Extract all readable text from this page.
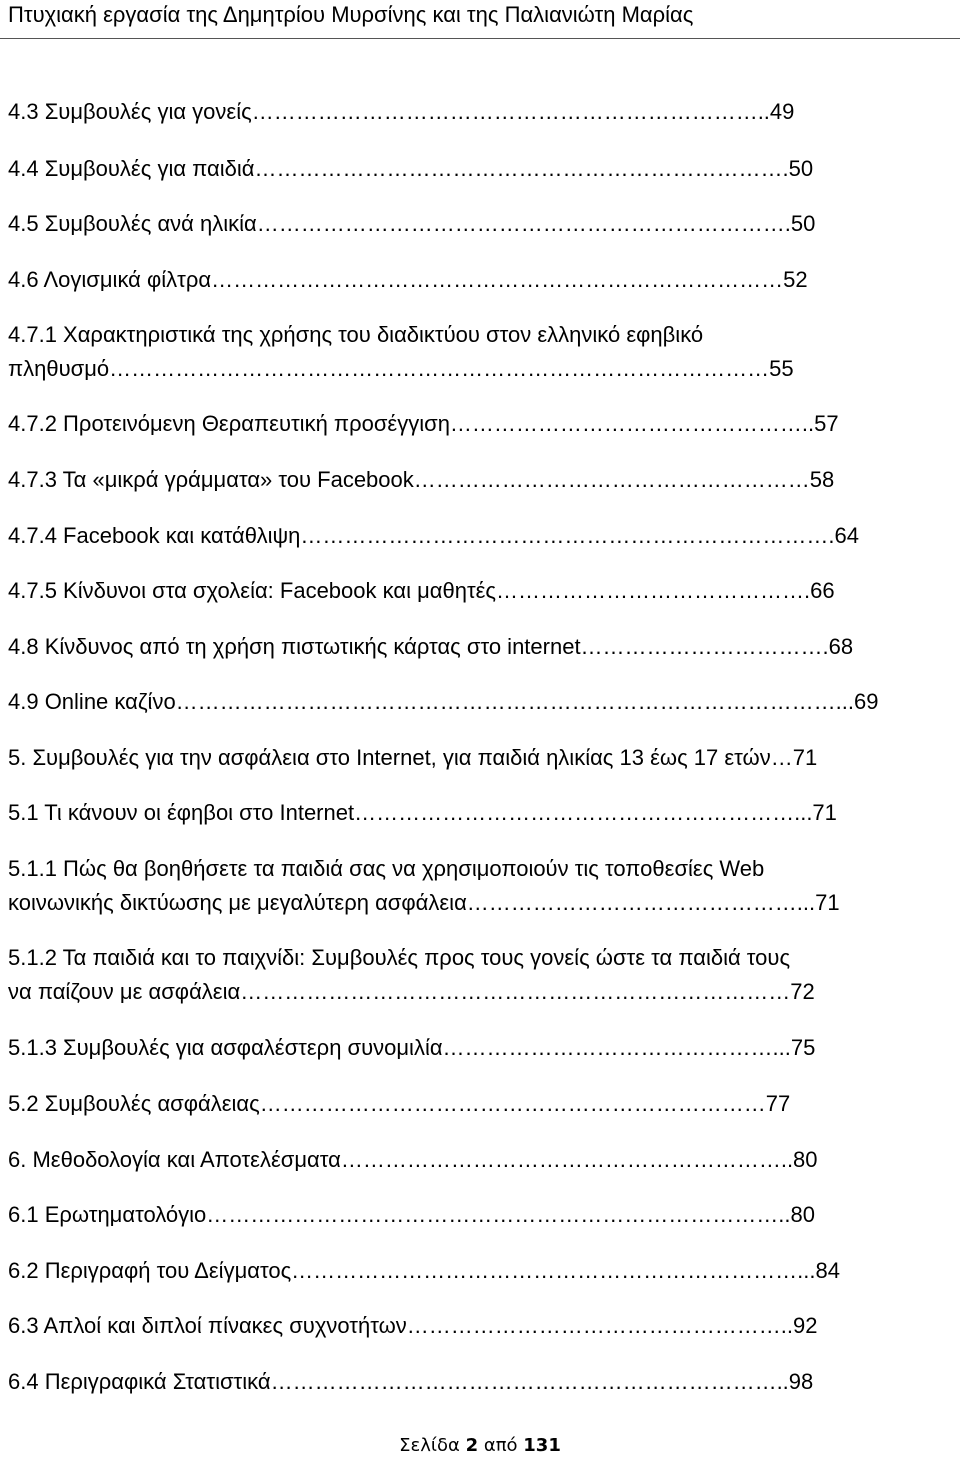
Πτυχιακή εργασία της Δημητρίου Μυρσίνης και της Παλιανιώτη Μαρίας
4.3 Συμβουλές για γονείς……………………………………………………………..49
4.4 Συμβουλές για παιδιά……………………………………………………………….50
4.5 Συμβουλές ανά ηλικία……………………………………………………………….50
4.6 Λογισμικά φίλτρα……………………………………………………………………52
4.7.1 Χαρακτηριστικά της χρήσης του διαδικτύου στον ελληνικό εφηβικό
πληθυσμό………………………………………………………………………………55
4.7.2 Προτεινόμενη Θεραπευτική προσέγγιση…………………………………………..57
4.7.3 Τα «μικρά γράμματα» του Facebook………………………………………………58
4.7.4 Facebook και κατάθλιψη……………………………………………………………….64
4.7.5 Κίνδυνοι στα σχολεία: Facebook και μαθητές…………………………………….66
4.8 Κίνδυνος από τη χρήση πιστωτικής κάρτας στο internet…………………………….68
4.9 Online καζίνο………………………………………………………………………………...69
5. Συμβουλές για την ασφάλεια στο Internet, για παιδιά ηλικίας 13 έως 17 ετών…71
5.1 Τι κάνουν οι έφηβοι στο Internet……………………………………………………...71
5.1.1 Πώς θα βοηθήσετε τα παιδιά σας να χρησιμοποιούν τις τοποθεσίες Web
κοινωνικής δικτύωσης με μεγαλύτερη ασφάλεια………………………………………...71
5.1.2 Τα παιδιά και το παιχνίδι: Συμβουλές προς τους γονείς ώστε τα παιδιά τους
να παίζουν με ασφάλεια…………………………………………………………………72
5.1.3 Συμβουλές για ασφαλέστερη συνομιλία………………………………………...75
5.2 Συμβουλές ασφάλειας……………………………………………………………77
6. Μεθοδολογία και Αποτελέσματα……………………………………………………..80
6.1 Ερωτηματολόγιο……………………………………………………………………..80
6.2 Περιγραφή του Δείγματος……………………………………………………………...84
6.3 Απλοί και διπλοί πίνακες συχνοτήτων……………………………………………..92
6.4 Περιγραφικά Στατιστικά……………………………………………………………..98
Σελίδα 2 από 131
